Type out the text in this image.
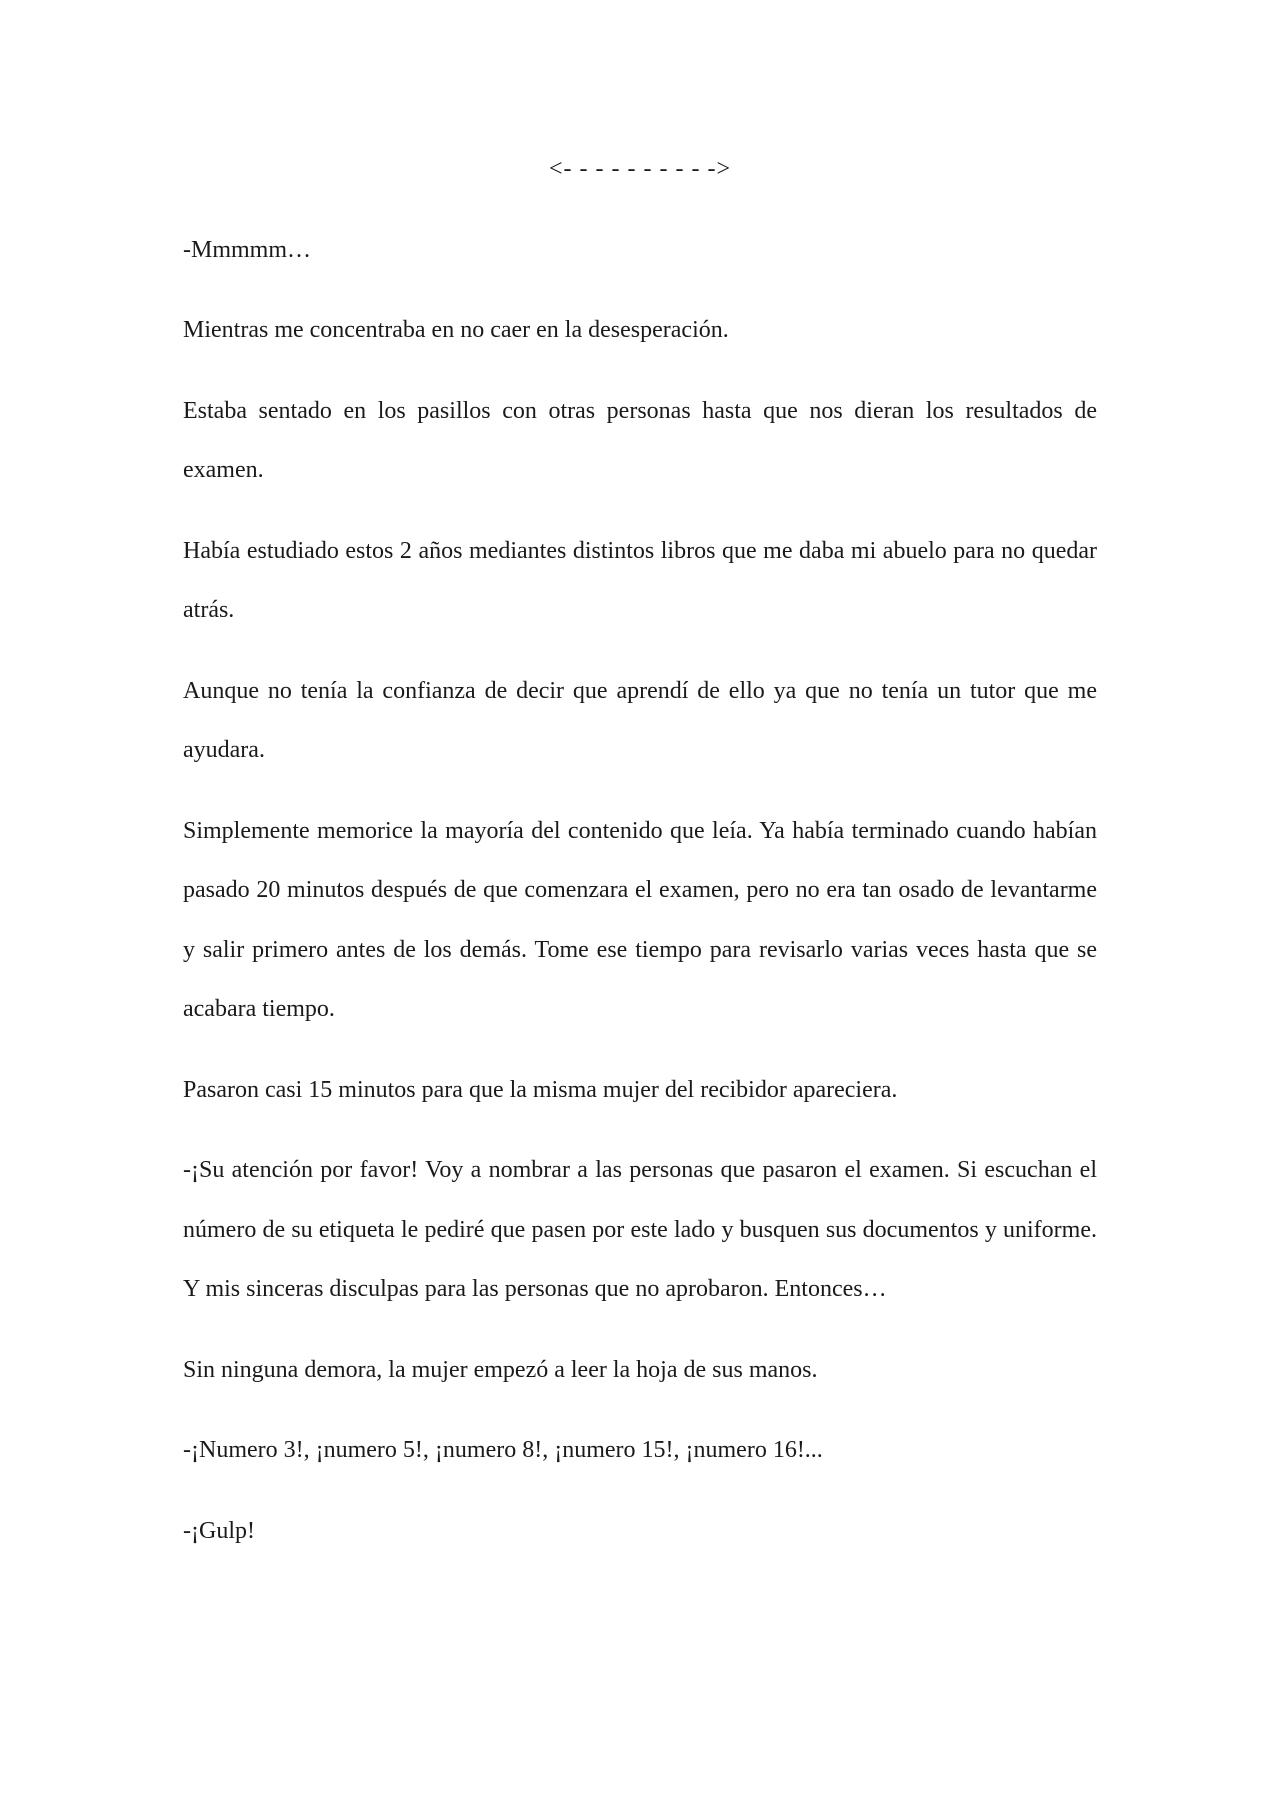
<- - - - - - - - - ->

-Mmmmm…

Mientras me concentraba en no caer en la desesperación.

Estaba sentado en los pasillos con otras personas hasta que nos dieran los resultados de examen.

Había estudiado estos 2 años mediantes distintos libros que me daba mi abuelo para no quedar atrás.

Aunque no tenía la confianza de decir que aprendí de ello ya que no tenía un tutor que me ayudara.

Simplemente memorice la mayoría del contenido que leía. Ya había terminado cuando habían pasado 20 minutos después de que comenzara el examen, pero no era tan osado de levantarme y salir primero antes de los demás. Tome ese tiempo para revisarlo varias veces hasta que se acabara tiempo.

Pasaron casi 15 minutos para que la misma mujer del recibidor apareciera.

-¡Su atención por favor! Voy a nombrar a las personas que pasaron el examen. Si escuchan el número de su etiqueta le pediré que pasen por este lado y busquen sus documentos y uniforme. Y mis sinceras disculpas para las personas que no aprobaron. Entonces…

Sin ninguna demora, la mujer empezó a leer la hoja de sus manos.

-¡Numero 3!, ¡numero 5!, ¡numero 8!, ¡numero 15!, ¡numero 16!...

-¡Gulp!
